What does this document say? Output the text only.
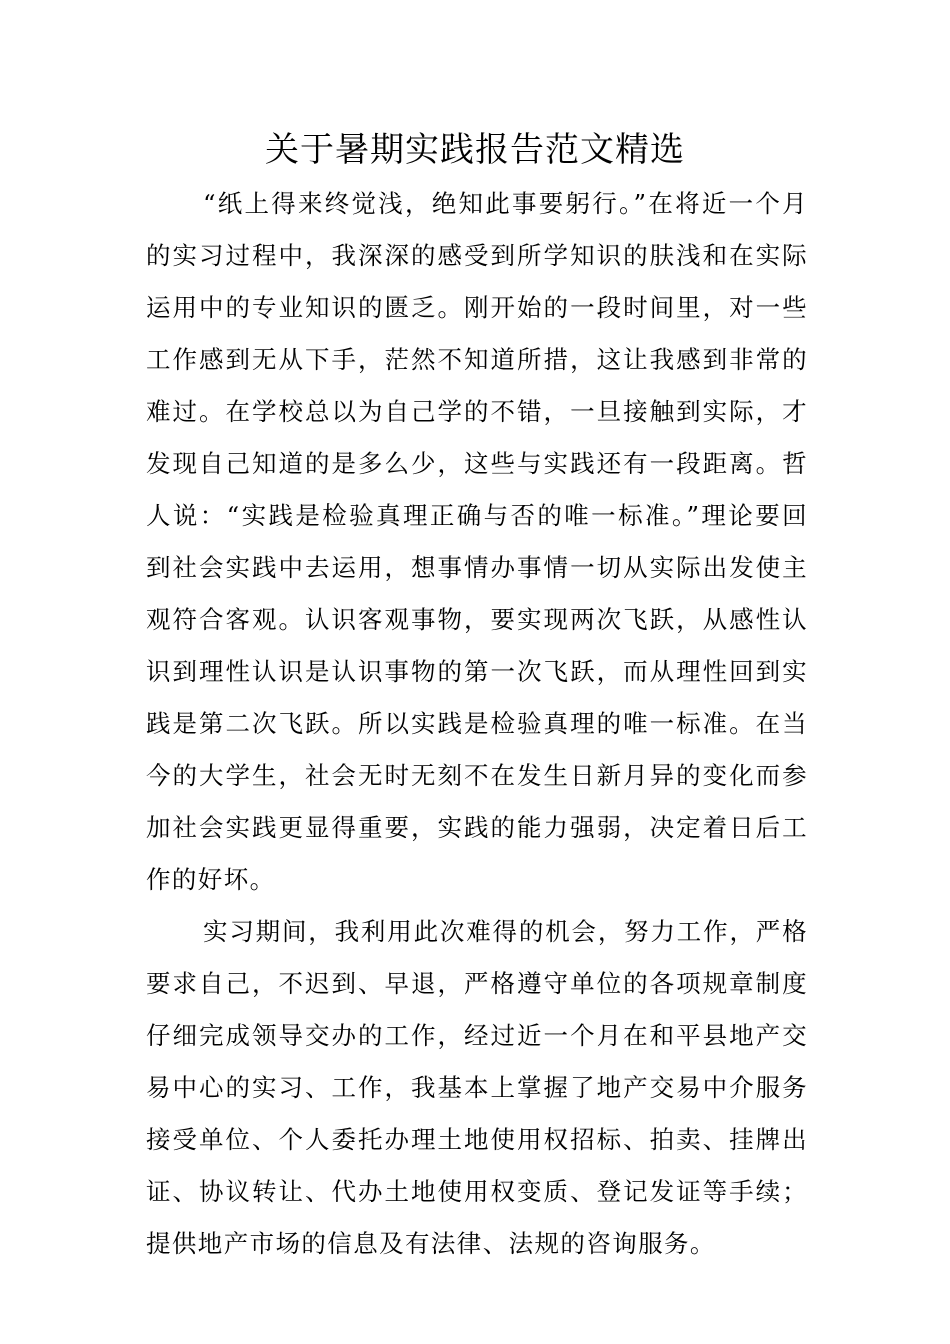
关于暑期实践报告范文精选

“纸上得来终觉浅，绝知此事要躬行。”在将近一个月的实习过程中，我深深的感受到所学知识的肤浅和在实际运用中的专业知识的匮乏。刚开始的一段时间里，对一些工作感到无从下手，茫然不知道所措，这让我感到非常的难过。在学校总以为自己学的不错，一旦接触到实际，才发现自己知道的是多么少，这些与实践还有一段距离。哲人说：“实践是检验真理正确与否的唯一标准。”理论要回到社会实践中去运用，想事情办事情一切从实际出发使主观符合客观。认识客观事物，要实现两次飞跃，从感性认识到理性认识是认识事物的第一次飞跃，而从理性回到实践是第二次飞跃。所以实践是检验真理的唯一标准。在当今的大学生，社会无时无刻不在发生日新月异的变化而参加社会实践更显得重要，实践的能力强弱，决定着日后工作的好坏。

实习期间，我利用此次难得的机会，努力工作，严格要求自己，不迟到、早退，严格遵守单位的各项规章制度仔细完成领导交办的工作，经过近一个月在和平县地产交易中心的实习、工作，我基本上掌握了地产交易中介服务接受单位、个人委托办理土地使用权招标、拍卖、挂牌出证、协议转让、代办土地使用权变质、登记发证等手续；提供地产市场的信息及有法律、法规的咨询服务。
